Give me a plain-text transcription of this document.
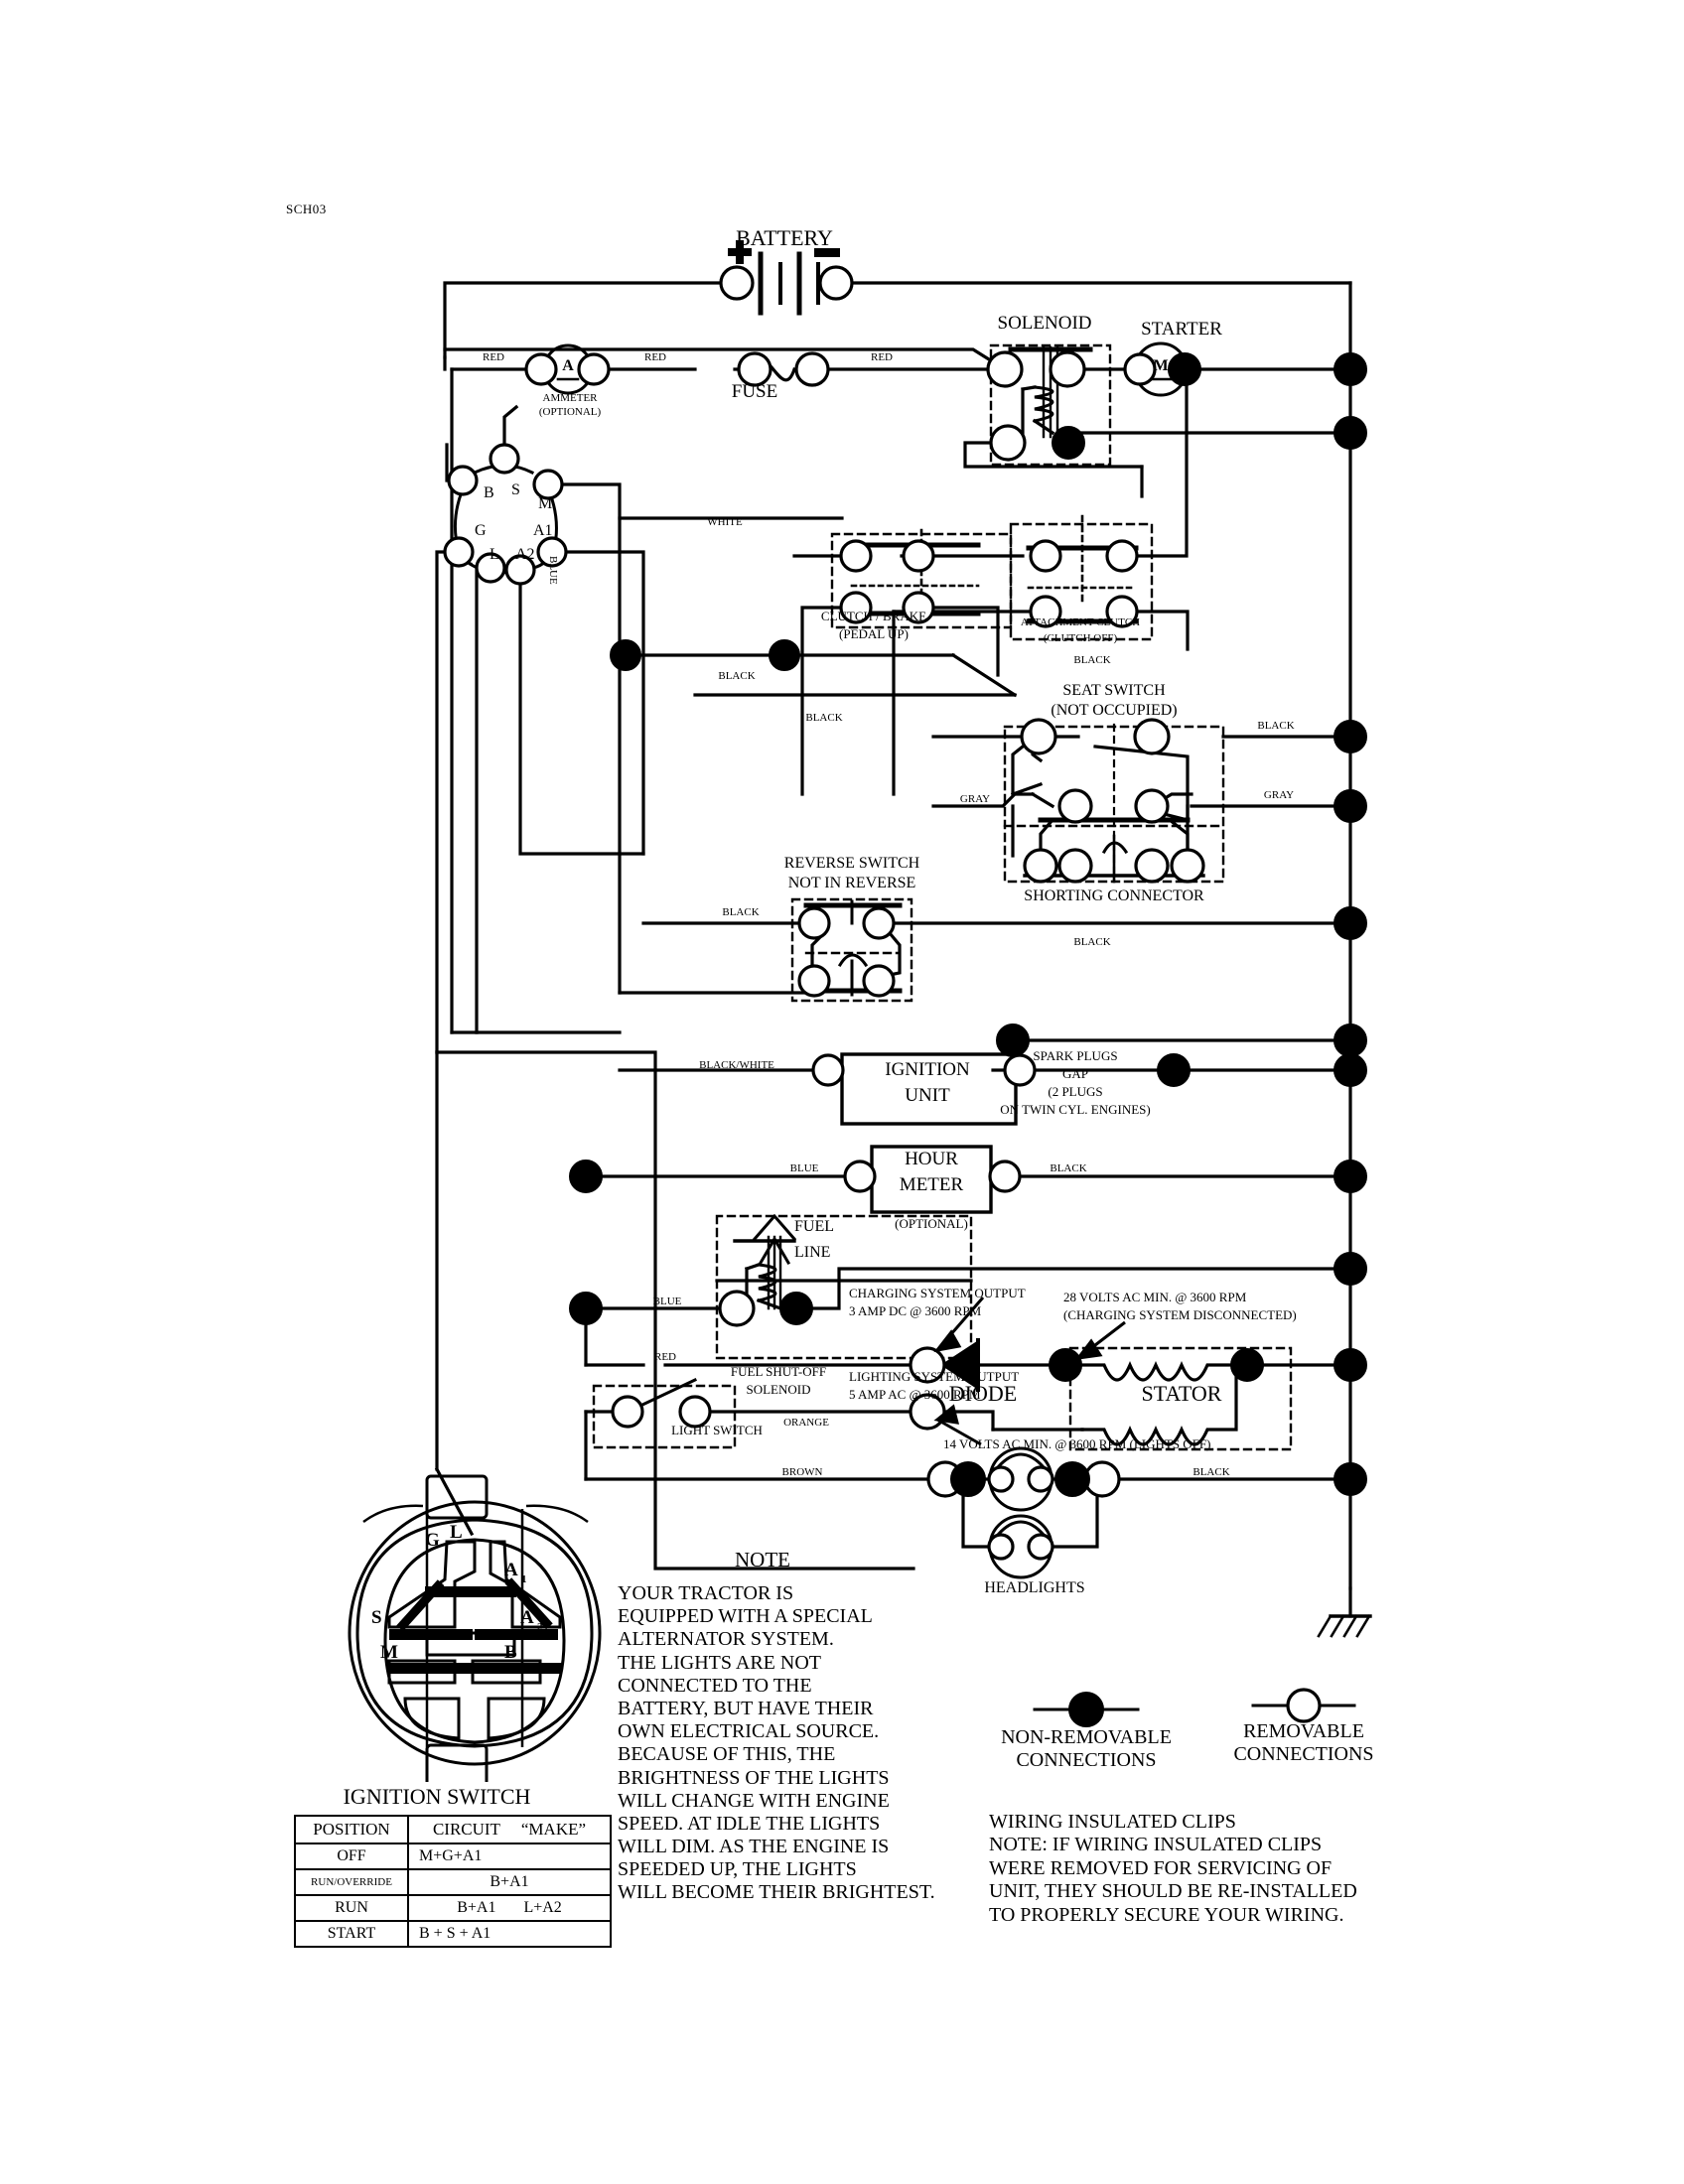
SCH03
BATTERY
RED	RED	RED
A
AMMETER
(OPTIONAL)
FUSE
SOLENOID	STARTER
M
B S
M
G
L
A1
A2
BLUE
WHITE
CLUTCH / BRAKE
(PEDAL UP)
ATTACHMENT CLUTCH
(CLUTCH OFF)
BLACK
BLACK
BLACK
BLACK
SEAT SWITCH
(NOT OCCUPIED)
GRAY	GRAY
SHORTING CONNECTOR
REVERSE SWITCH
NOT IN REVERSE
BLACK
BLACK
BLACK/WHITE	IGNITION
UNIT
SPARK PLUGS
GAP
(2 PLUGS
ON TWIN CYL. ENGINES)
BLUE	HOUR
METER
(OPTIONAL)
BLACK
FUEL
LINE
BLUE
FUEL SHUT-OFF
SOLENOID
CHARGING SYSTEM OUTPUT
3 AMP DC @ 3600 RPM
28 VOLTS AC MIN. @ 3600 RPM
(CHARGING SYSTEM DISCONNECTED)
RED
LIGHTING SYSTEM OUTPUT
5 AMP AC @ 3600 RPM
DIODE	STATOR
LIGHT SWITCH ORANGE
14 VOLTS AC MIN. @ 3600 RPM (LIGHTS OFF)
BROWN	BLACK
HEADLIGHTS
G L
A 1
A 2
S
M	B
IGNITION SWITCH
POSITION	CIRCUIT “MAKE”
OFF	M+G+A1
RUN/OVERRIDE	B+A1
RUN	B+A1 L+A2
START	B + S + A1
NOTE
YOUR TRACTOR IS
EQUIPPED WITH A SPECIAL
ALTERNATOR SYSTEM.
THE LIGHTS ARE NOT
CONNECTED TO THE
BATTERY, BUT HAVE THEIR
OWN ELECTRICAL SOURCE.
BECAUSE OF THIS, THE
BRIGHTNESS OF THE LIGHTS
WILL CHANGE WITH ENGINE
SPEED. AT IDLE THE LIGHTS
WILL DIM. AS THE ENGINE IS
SPEEDED UP, THE LIGHTS
WILL BECOME THEIR BRIGHTEST.
NON-REMOVABLE
CONNECTIONS
REMOVABLE
CONNECTIONS
WIRING INSULATED CLIPS
NOTE: IF WIRING INSULATED CLIPS
WERE REMOVED FOR SERVICING OF
UNIT, THEY SHOULD BE RE-INSTALLED
TO PROPERLY SECURE YOUR WIRING.
